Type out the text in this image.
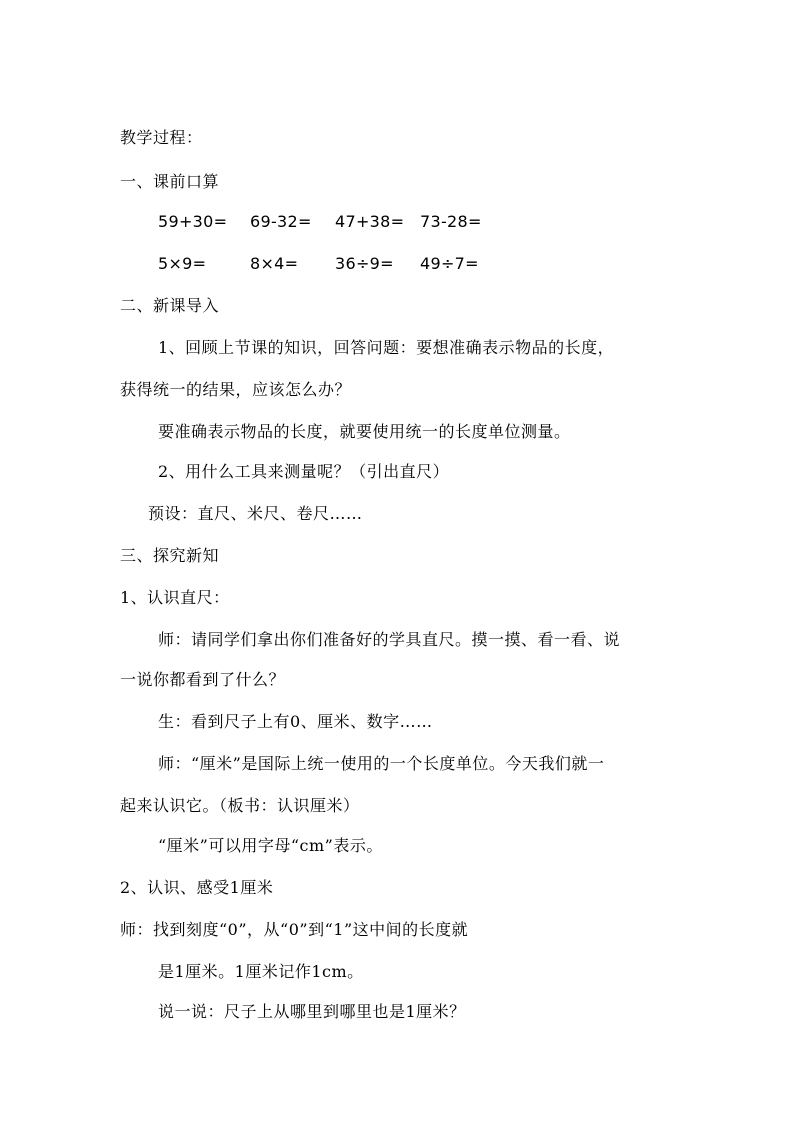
教学过程：
一、课前口算
59+30= 69-32= 47+38= 73-28=
5×9=	8×4= 36÷9= 49÷7=
二、新课导入
1、回顾上节课的知识，回答问题：要想准确表示物品的长度，
获得统一的结果，应该怎么办？
要准确表示物品的长度，就要使用统一的长度单位测量。
2、用什么工具来测量呢？（引出直尺）
预设：直尺、米尺、卷尺……
三、探究新知
1、认识直尺：
师：请同学们拿出你们准备好的学具直尺。摸一摸、看一看、说
一说你都看到了什么？
生：看到尺子上有0、厘米、数字……
师：“厘米”是国际上统一使用的一个长度单位。今天我们就一
起来认识它。（板书：认识厘米）
“厘米”可以用字母“cm”表示。
2、认识、感受1厘米
师：找到刻度“0”，从“0”到“1”这中间的长度就
是1厘米。1厘米记作1cm。
说一说：尺子上从哪里到哪里也是1厘米？
